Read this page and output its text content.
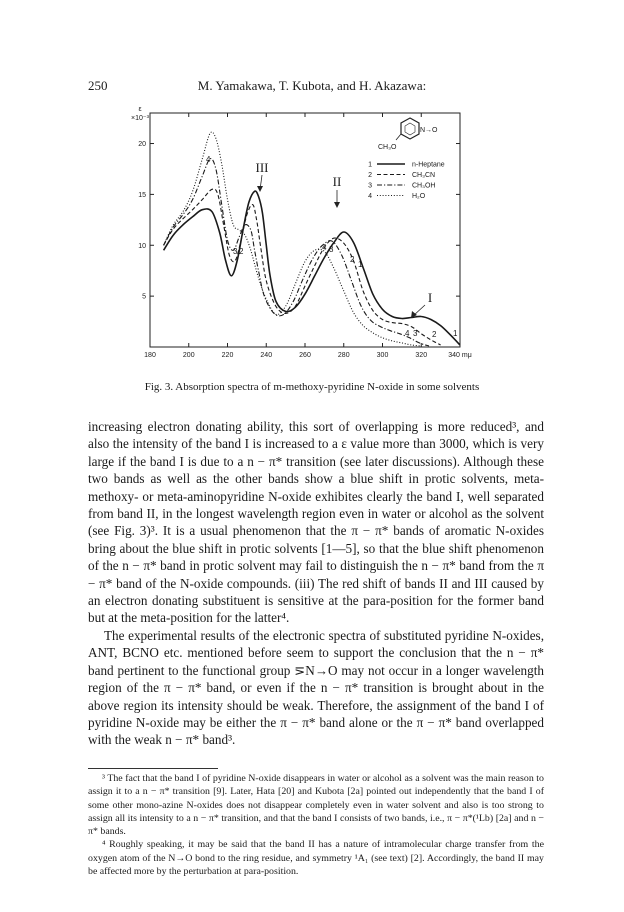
250	M. Yamakawa, T. Kubota, and H. Akazawa:
180	200	220	240	260	280	300	320	340 mμ
5
10
15
20
ε
×10⁻³
N→O
CH₃O
1	n-Heptane
2	CH₃CN
3	CH₃OH
4	H₂O
III
II
I
4
3 2	4 3
2
1
4 3 2 1
Fig. 3. Absorption spectra of m-methoxy-pyridine N-oxide in some solvents

increasing electron donating ability, this sort of overlapping is more reduced³, and also the intensity of the band I is increased to a ε value more than 3000, which is very large if the band I is due to a n − π* transition (see later discussions). Although these two bands as well as the other bands show a blue shift in protic solvents, meta-methoxy- or meta-aminopyridine N-oxide exhibites clearly the band I, well separated from band II, in the longest wavelength region even in water or alcohol as the solvent (see Fig. 3)³. It is a usual phenomenon that the π − π* bands of aromatic N-oxides bring about the blue shift in protic solvents [1—5], so that the blue shift phenomenon of the n − π* band in protic solvent may fail to distinguish the n − π* band from the π − π* band of the N-oxide compounds. (iii) The red shift of bands II and III caused by an electron donating substituent is sensitive at the para-position for the former band but at the meta-position for the latter⁴.

The experimental results of the electronic spectra of substituted pyridine N-oxides, ANT, BCNO etc. mentioned before seem to support the conclusion that the n − π* band pertinent to the functional group ⋝N→O may not occur in a longer wavelength region of the π − π* band, or even if the n − π* transition is brought about in the above region its intensity should be weak. Therefore, the assignment of the band I of pyridine N-oxide may be either the π − π* band alone or the π − π* band overlapped with the weak n − π* band³.

³ The fact that the band I of pyridine N-oxide disappears in water or alcohol as a solvent was the main reason to assign it to a n − π* transition [9]. Later, Hata [20] and Kubota [2a] pointed out independently that the band I of some other mono-azine N-oxides does not disappear completely even in water solvent and also is too strong to assign all its intensity to a n − π* transition, and that the band I consists of two bands, i.e., π − π*(¹Lb) [2a] and n − π* bands.

⁴ Roughly speaking, it may be said that the band II has a nature of intramolecular charge transfer from the oxygen atom of the N→O bond to the ring residue, and symmetry ¹A₁ (see text) [2]. Accordingly, the band II may be affected more by the perturbation at para-position.
